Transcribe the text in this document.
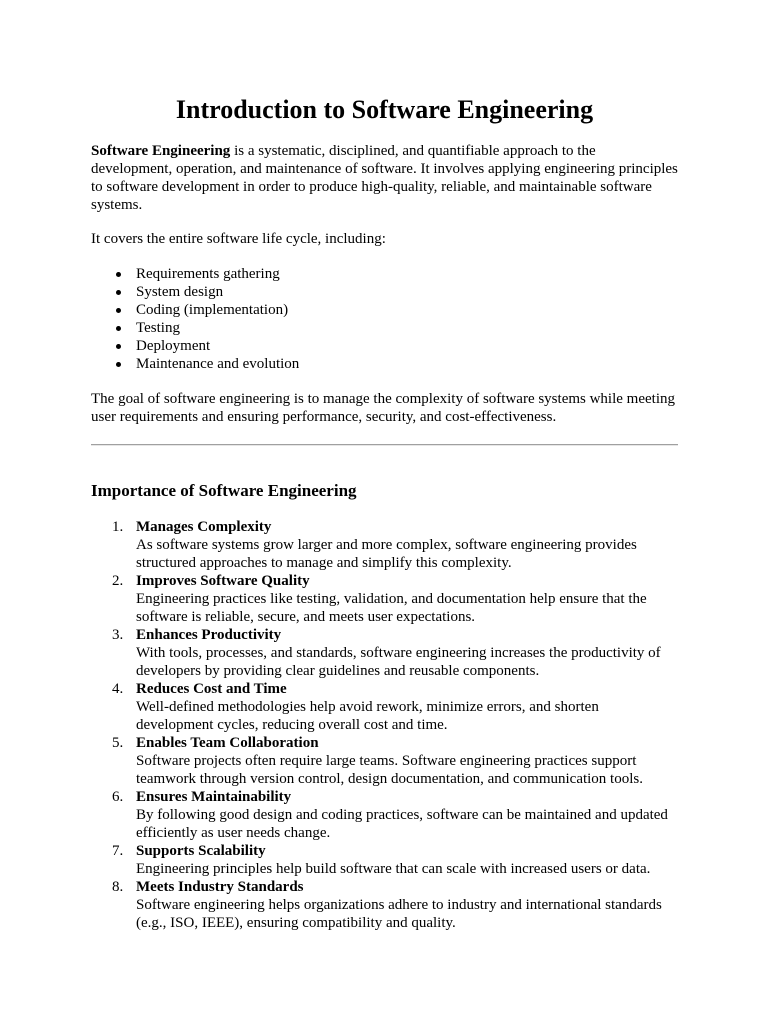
Introduction to Software Engineering

Software Engineering is a systematic, disciplined, and quantifiable approach to the development, operation, and maintenance of software. It involves applying engineering principles to software development in order to produce high-quality, reliable, and maintainable software systems.

It covers the entire software life cycle, including:

Requirements gathering
System design
Coding (implementation)
Testing
Deployment
Maintenance and evolution

The goal of software engineering is to manage the complexity of software systems while meeting user requirements and ensuring performance, security, and cost-effectiveness.

Importance of Software Engineering
1. Manages Complexity
As software systems grow larger and more complex, software engineering provides structured approaches to manage and simplify this complexity.
2. Improves Software Quality
Engineering practices like testing, validation, and documentation help ensure that the software is reliable, secure, and meets user expectations.
3. Enhances Productivity
With tools, processes, and standards, software engineering increases the productivity of developers by providing clear guidelines and reusable components.
4. Reduces Cost and Time
Well-defined methodologies help avoid rework, minimize errors, and shorten development cycles, reducing overall cost and time.
5. Enables Team Collaboration
Software projects often require large teams. Software engineering practices support teamwork through version control, design documentation, and communication tools.
6. Ensures Maintainability
By following good design and coding practices, software can be maintained and updated efficiently as user needs change.
7. Supports Scalability
Engineering principles help build software that can scale with increased users or data.
8. Meets Industry Standards
Software engineering helps organizations adhere to industry and international standards (e.g., ISO, IEEE), ensuring compatibility and quality.
